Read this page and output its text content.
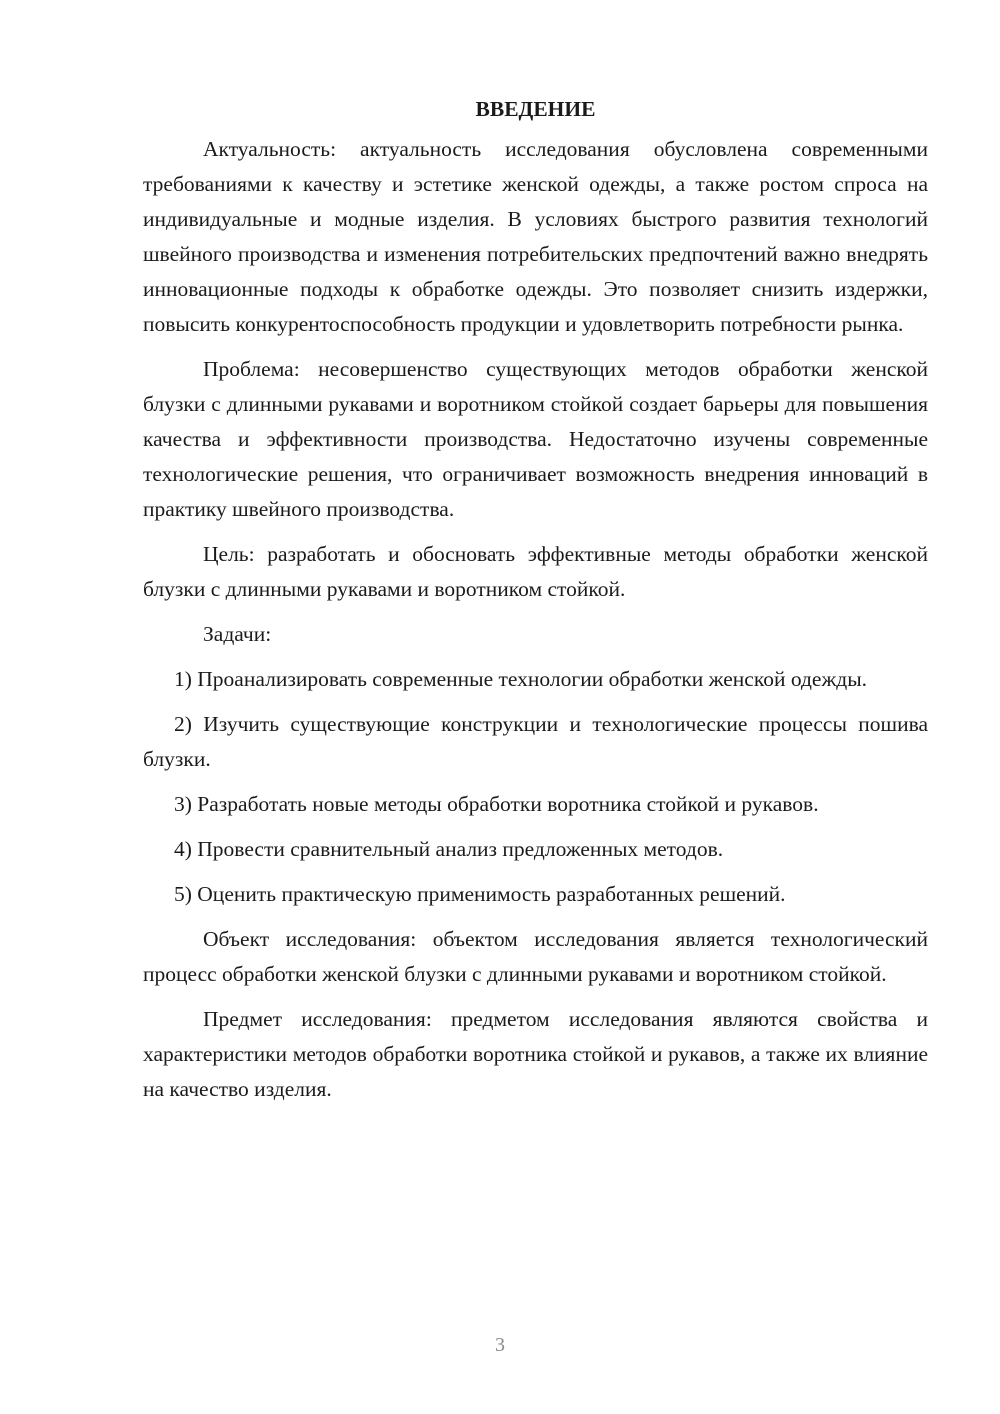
ВВЕДЕНИЕ

Актуальность: актуальность исследования обусловлена современными требованиями к качеству и эстетике женской одежды, а также ростом спроса на индивидуальные и модные изделия. В условиях быстрого развития технологий швейного производства и изменения потребительских предпочтений важно внедрять инновационные подходы к обработке одежды. Это позволяет снизить издержки, повысить конкурентоспособность продукции и удовлетворить потребности рынка.

Проблема: несовершенство существующих методов обработки женской блузки с длинными рукавами и воротником стойкой создает барьеры для повышения качества и эффективности производства. Недостаточно изучены современные технологические решения, что ограничивает возможность внедрения инноваций в практику швейного производства.

Цель: разработать и обосновать эффективные методы обработки женской блузки с длинными рукавами и воротником стойкой.

Задачи:

1) Проанализировать современные технологии обработки женской одежды.

2) Изучить существующие конструкции и технологические процессы пошива блузки.

3) Разработать новые методы обработки воротника стойкой и рукавов.

4) Провести сравнительный анализ предложенных методов.

5) Оценить практическую применимость разработанных решений.

Объект исследования: объектом исследования является технологический процесс обработки женской блузки с длинными рукавами и воротником стойкой.

Предмет исследования: предметом исследования являются свойства и характеристики методов обработки воротника стойкой и рукавов, а также их влияние на качество изделия.

3
